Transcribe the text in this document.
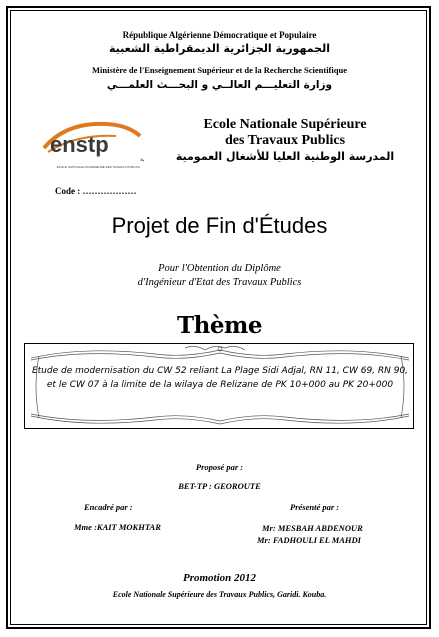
République Algérienne Démocratique et Populaire
الجمهورية الجزائرية الديمقراطية الشعبية
Ministère de l'Enseignement Supérieur et de la Recherche Scientifique
وزارة التعليـــم العالــي و البحـــث العلمـــي
enstp
ة
ECOLE NATIONALE SUPERIEURE DES TRAVAUX PUBLICS
Ecole Nationale Supérieure
des Travaux Publics
المدرسة الوطنية العليا للأشغال العمومية
Code : ………………
Projet de Fin d'Études
Pour l'Obtention du Diplôme
d'Ingénieur d'Etat des Travaux Publics
Thème
Etude de modernisation du CW 52 reliant La Plage Sidi Adjal, RN 11, CW 69, RN 90, et le CW 07 à la limite de la wilaya de Relizane de PK 10+000 au PK 20+000
Proposé par :
BET-TP : GEOROUTE
Encadré par :	Présenté par :
Mme :KAIT MOKHTAR	Mr: MESBAH ABDENOUR
Mr: FADHOULI EL MAHDI
Promotion 2012
Ecole Nationale Supérieure des Travaux Publics, Garidi. Kouba.
